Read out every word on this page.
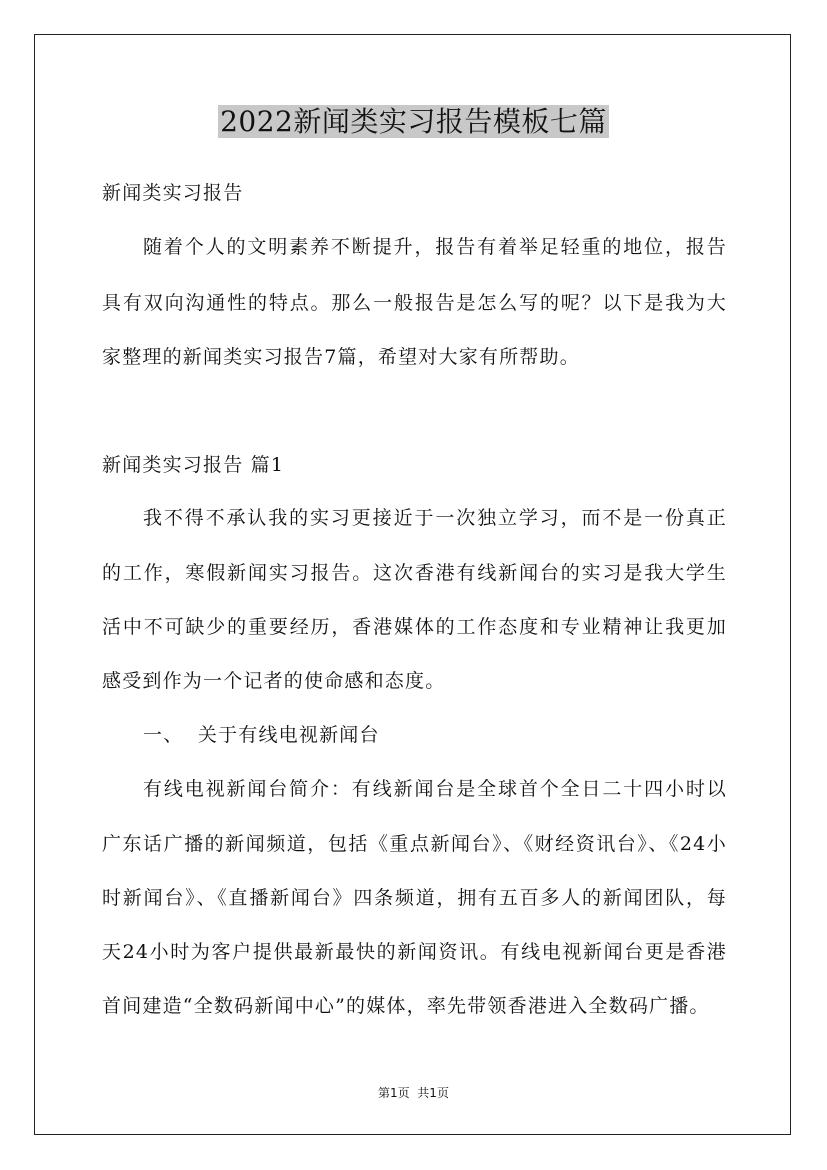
2022新闻类实习报告模板七篇
新闻类实习报告
随着个人的文明素养不断提升，报告有着举足轻重的地位，报告
具有双向沟通性的特点。那么一般报告是怎么写的呢？以下是我为大
家整理的新闻类实习报告7篇，希望对大家有所帮助。
新闻类实习报告 篇1
我不得不承认我的实习更接近于一次独立学习，而不是一份真正
的工作，寒假新闻实习报告。这次香港有线新闻台的实习是我大学生
活中不可缺少的重要经历，香港媒体的工作态度和专业精神让我更加
感受到作为一个记者的使命感和态度。
一、  关于有线电视新闻台
有线电视新闻台简介：有线新闻台是全球首个全日二十四小时以
广东话广播的新闻频道，包括《重点新闻台》、《财经资讯台》、《24小
时新闻台》、《直播新闻台》四条频道，拥有五百多人的新闻团队，每
天24小时为客户提供最新最快的新闻资讯。有线电视新闻台更是香港
首间建造“全数码新闻中心”的媒体，率先带领香港进入全数码广播。
第1页  共1页
